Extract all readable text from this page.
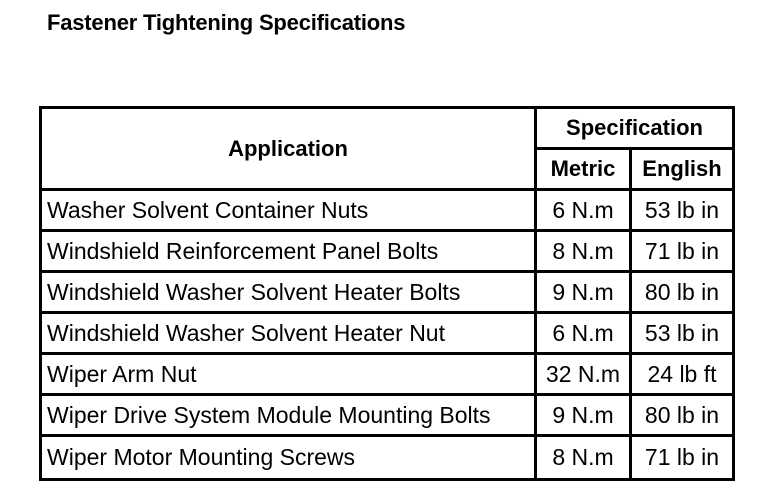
Fastener Tightening Specifications
Application	Specification	
	Metric	English
Washer Solvent Container Nuts	6 N.m	53 lb in
Windshield Reinforcement Panel Bolts	8 N.m	71 lb in
Windshield Washer Solvent Heater Bolts	9 N.m	80 lb in
Windshield Washer Solvent Heater Nut	6 N.m	53 lb in
Wiper Arm Nut	32 N.m	24 lb ft
Wiper Drive System Module Mounting Bolts	9 N.m	80 lb in
Wiper Motor Mounting Screws	8 N.m	71 lb in
